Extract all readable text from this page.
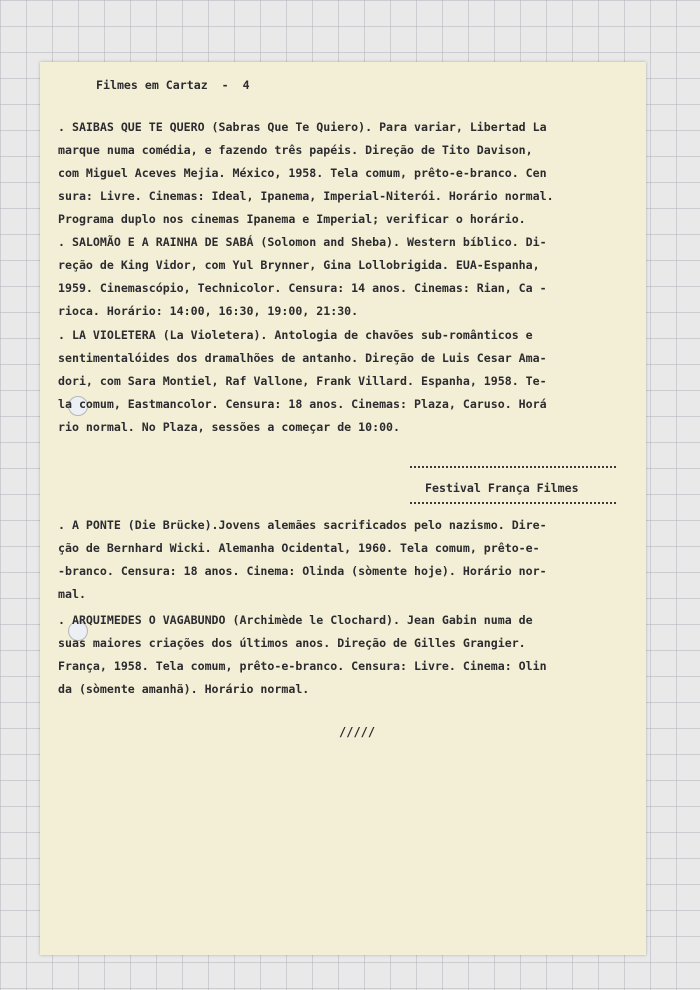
Filmes em Cartaz  -  4
. SAIBAS QUE TE QUERO (Sabras Que Te Quiero). Para variar, Libertad La
marque numa comédia, e fazendo três papéis. Direção de Tito Davison,
com Miguel Aceves Mejia. México, 1958. Tela comum, prêto-e-branco. Cen
sura: Livre. Cinemas: Ideal, Ipanema, Imperial-Niterói. Horário normal.
Programa duplo nos cinemas Ipanema e Imperial; verificar o horário.
. SALOMÃO E A RAINHA DE SABÁ (Solomon and Sheba). Western bíblico. Di-
reção de King Vidor, com Yul Brynner, Gina Lollobrigida. EUA-Espanha,
1959. Cinemascópio, Technicolor. Censura: 14 anos. Cinemas: Rian, Ca -
rioca. Horário: 14:00, 16:30, 19:00, 21:30.
. LA VIOLETERA (La Violetera). Antologia de chavões sub-românticos e
sentimentalóides dos dramalhões de antanho. Direção de Luis Cesar Ama-
dori, com Sara Montiel, Raf Vallone, Frank Villard. Espanha, 1958. Te-
la comum, Eastmancolor. Censura: 18 anos. Cinemas: Plaza, Caruso. Horá
rio normal. No Plaza, sessões a começar de 10:00.
Festival França Filmes
. A PONTE (Die Brücke).Jovens alemães sacrificados pelo nazismo. Dire-
ção de Bernhard Wicki. Alemanha Ocidental, 1960. Tela comum, prêto-e-
-branco. Censura: 18 anos. Cinema: Olinda (sòmente hoje). Horário nor-
mal.
. ARQUIMEDES O VAGABUNDO (Archimède le Clochard). Jean Gabin numa de
suas maiores criações dos últimos anos. Direção de Gilles Grangier.
França, 1958. Tela comum, prêto-e-branco. Censura: Livre. Cinema: Olin
da (sòmente amanhã). Horário normal.
/////
